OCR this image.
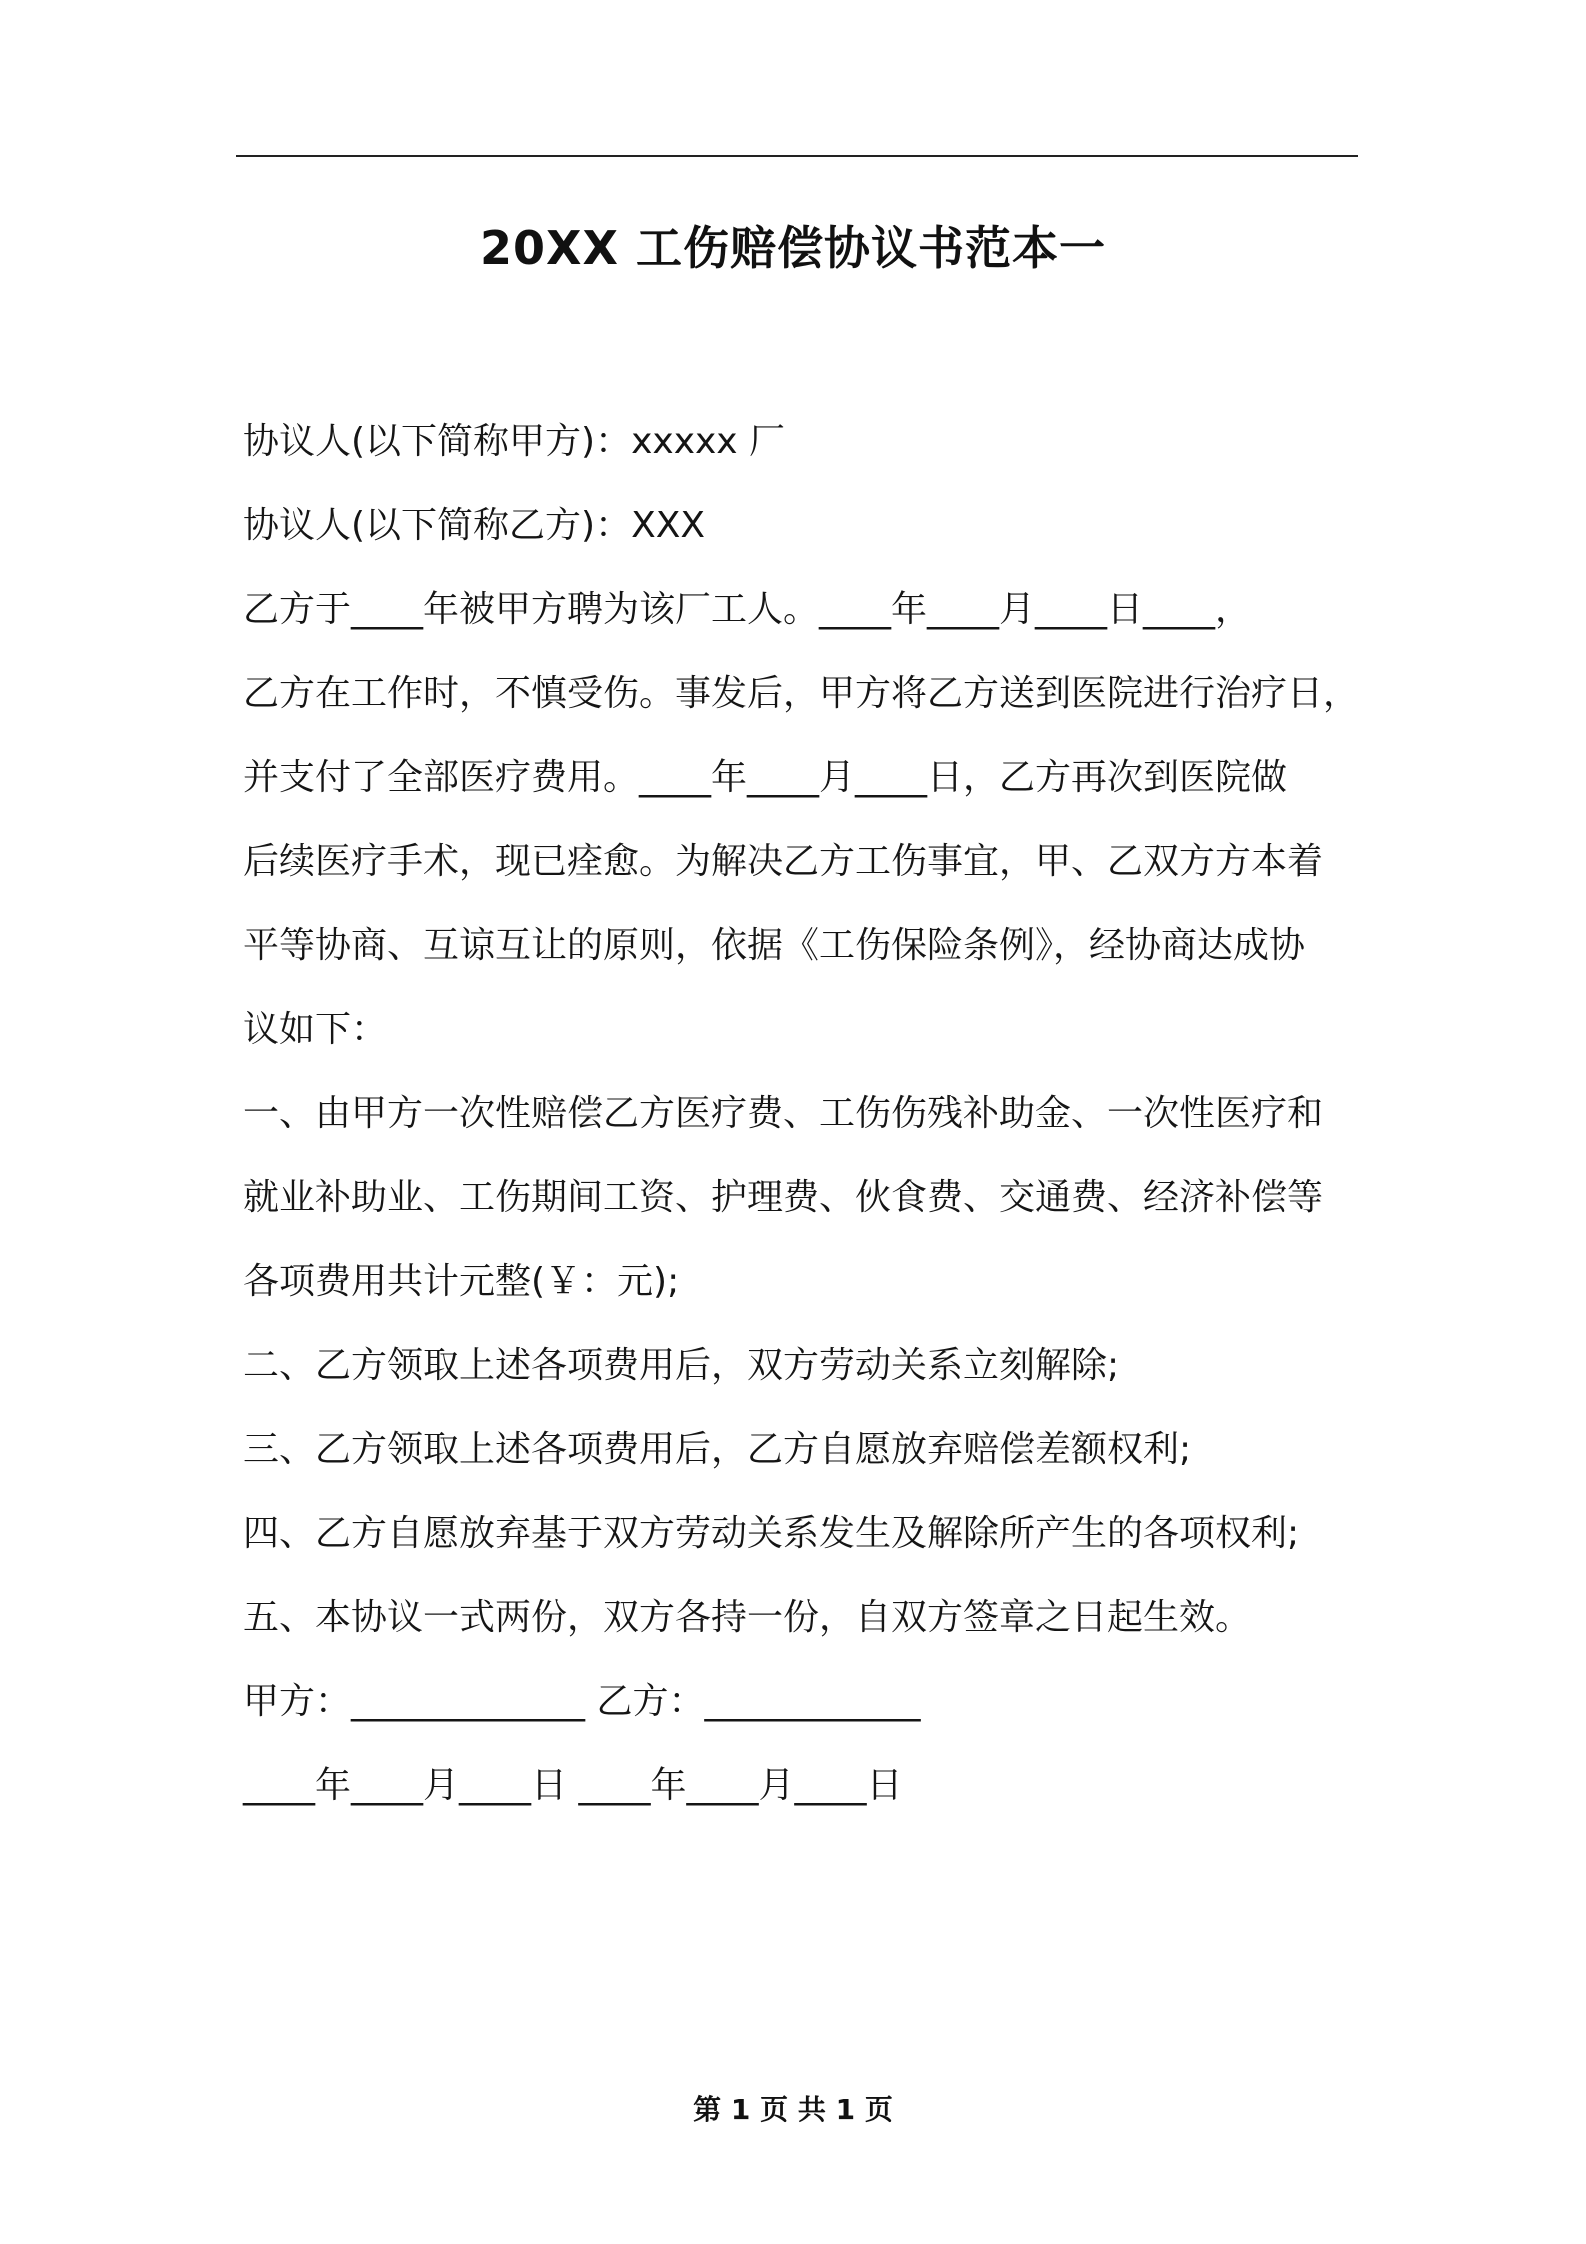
20XX 工伤赔偿协议书范本一
协议人(以下简称甲方)：xxxxx 厂
协议人(以下简称乙方)：XXX
乙方于____年被甲方聘为该厂工人。____年____月____日____，
乙方在工作时，不慎受伤。事发后，甲方将乙方送到医院进行治疗日，
并支付了全部医疗费用。____年____月____日，乙方再次到医院做
后续医疗手术，现已痊愈。为解决乙方工伤事宜，甲、乙双方方本着
平等协商、互谅互让的原则，依据《工伤保险条例》，经协商达成协
议如下：
一、由甲方一次性赔偿乙方医疗费、工伤伤残补助金、一次性医疗和
就业补助业、工伤期间工资、护理费、伙食费、交通费、经济补偿等
各项费用共计元整(￥：元);
二、乙方领取上述各项费用后，双方劳动关系立刻解除;
三、乙方领取上述各项费用后，乙方自愿放弃赔偿差额权利;
四、乙方自愿放弃基于双方劳动关系发生及解除所产生的各项权利;
五、本协议一式两份，双方各持一份，自双方签章之日起生效。
甲方：_____________ 乙方：____________
____年____月____日 ____年____月____日
第 1 页 共 1 页
